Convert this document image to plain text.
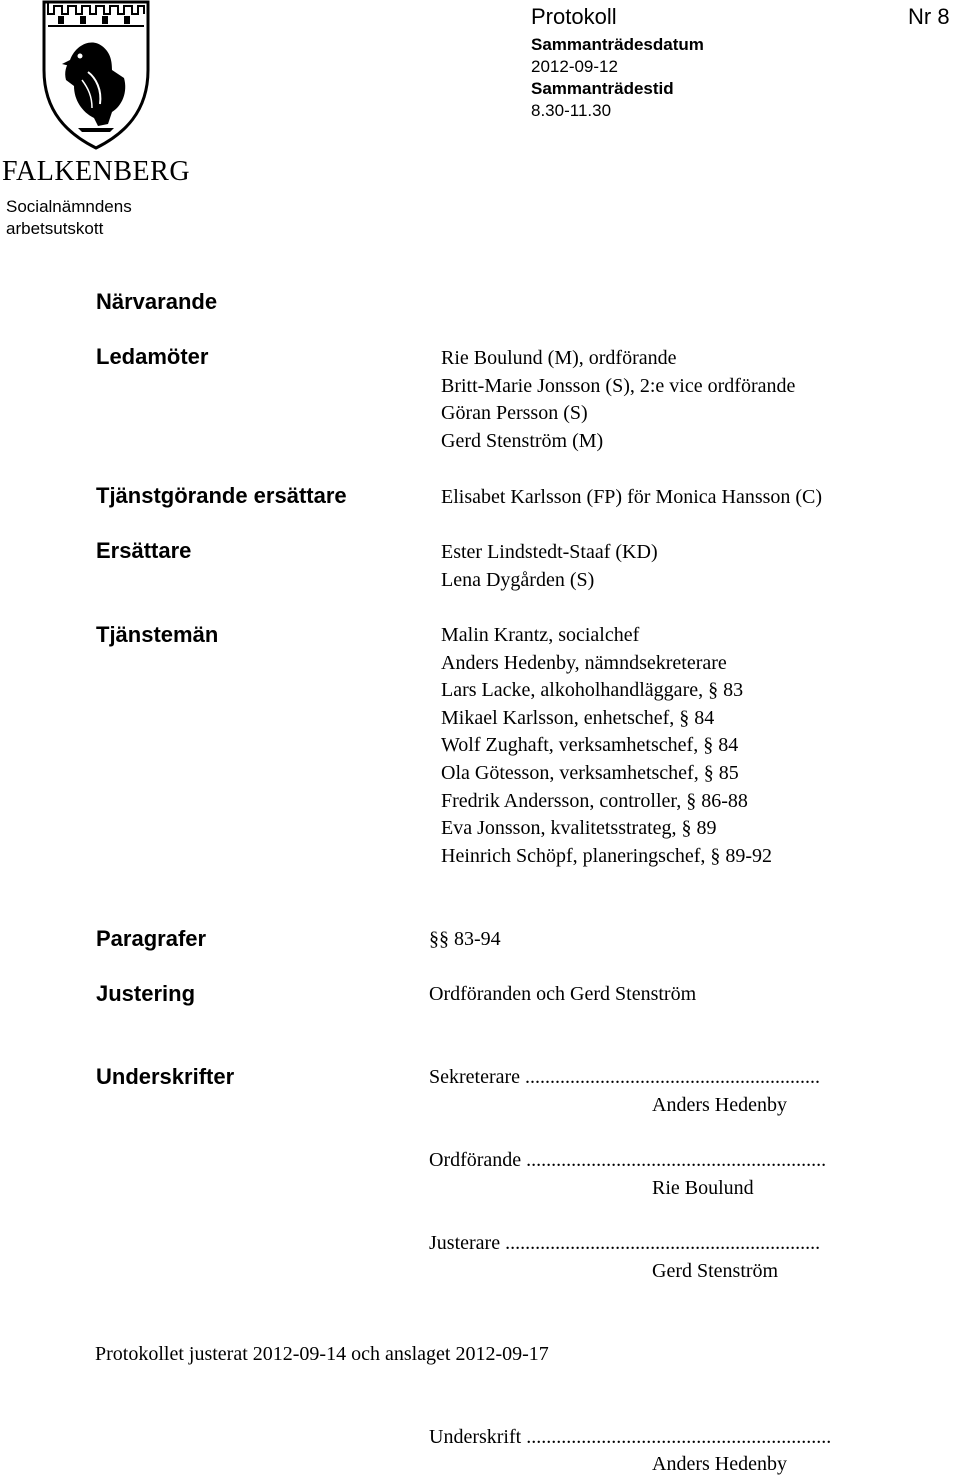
FALKENBERG
Socialnämndens
arbetsutskott
Protokoll	Nr 8
Sammanträdesdatum
2012-09-12
Sammanträdestid
8.30-11.30
Närvarande
Ledamöter	Rie Boulund (M), ordförande
Britt-Marie Jonsson (S), 2:e vice ordförande
Göran Persson (S)
Gerd Stenström (M)
Tjänstgörande ersättare	Elisabet Karlsson (FP) för Monica Hansson (C)
Ersättare	Ester Lindstedt-Staaf (KD)
Lena Dygården (S)
Tjänstemän	Malin Krantz, socialchef
Anders Hedenby, nämndsekreterare
Lars Lacke, alkoholhandläggare, § 83
Mikael Karlsson, enhetschef, § 84
Wolf Zughaft, verksamhetschef, § 84
Ola Götesson, verksamhetschef, § 85
Fredrik Andersson, controller, § 86-88
Eva Jonsson, kvalitetsstrateg, § 89
Heinrich Schöpf, planeringschef, § 89-92
Paragrafer	§§ 83-94
Justering	Ordföranden och Gerd Stenström
Underskrifter	Sekreterare ...........................................................
Anders Hedenby
Ordförande ............................................................
Rie Boulund
Justerare ...............................................................
Gerd Stenström
Protokollet justerat 2012-09-14 och anslaget 2012-09-17
Underskrift .............................................................
Anders Hedenby
